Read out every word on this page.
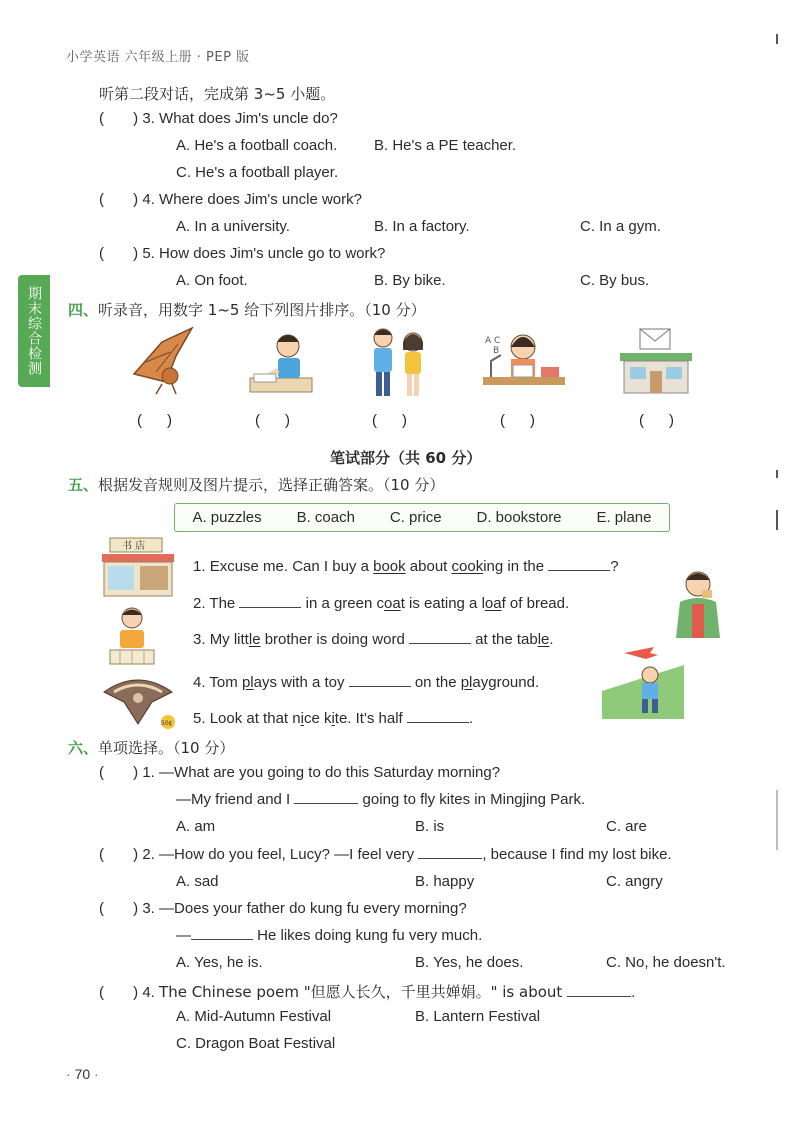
小学英语 六年级上册 · PEP 版
期末综合检测
听第二段对话，完成第 3~5 小题。
(       ) 3. What does Jim's uncle do?
A. He's a football coach. B. He's a PE teacher.
C. He's a football player.
(       ) 4. Where does Jim's uncle work?
A. In a university.	B. In a factory.	C. In a gym.
(       ) 5. How does Jim's uncle go to work?
A. On foot.	B. By bike.	C. By bus.
四、听录音，用数字 1~5 给下列图片排序。（10 分）
A C
B
(      )	(      )	(      )	(      )	(      )
笔试部分（共 60 分）
五、根据发音规则及图片提示，选择正确答案。（10 分）
A. puzzles B. coach C. price D. bookstore E. plane
书 店
50¢
1. Excuse me. Can I buy a book about cooking in the	?
2. The	in a green coat is eating a loaf of bread.
3. My little brother is doing word	at the table.
4. Tom plays with a toy	on the playground.
5. Look at that nice kite. It's half	.
六、单项选择。（10 分）
(       ) 1. —What are you going to do this Saturday morning?
—My friend and I	going to fly kites in Mingjing Park.
A. am	B. is	C. are
(       ) 2. —How do you feel, Lucy? —I feel very	, because I find my lost bike.
A. sad	B. happy	C. angry
(       ) 3. —Does your father do kung fu every morning?
—	He likes doing kung fu very much.
A. Yes, he is.	B. Yes, he does.	C. No, he doesn't.
(       ) 4. The Chinese poem "但愿人长久，千里共婵娟。" is about	.
A. Mid-Autumn Festival	B. Lantern Festival
C. Dragon Boat Festival
· 70 ·
